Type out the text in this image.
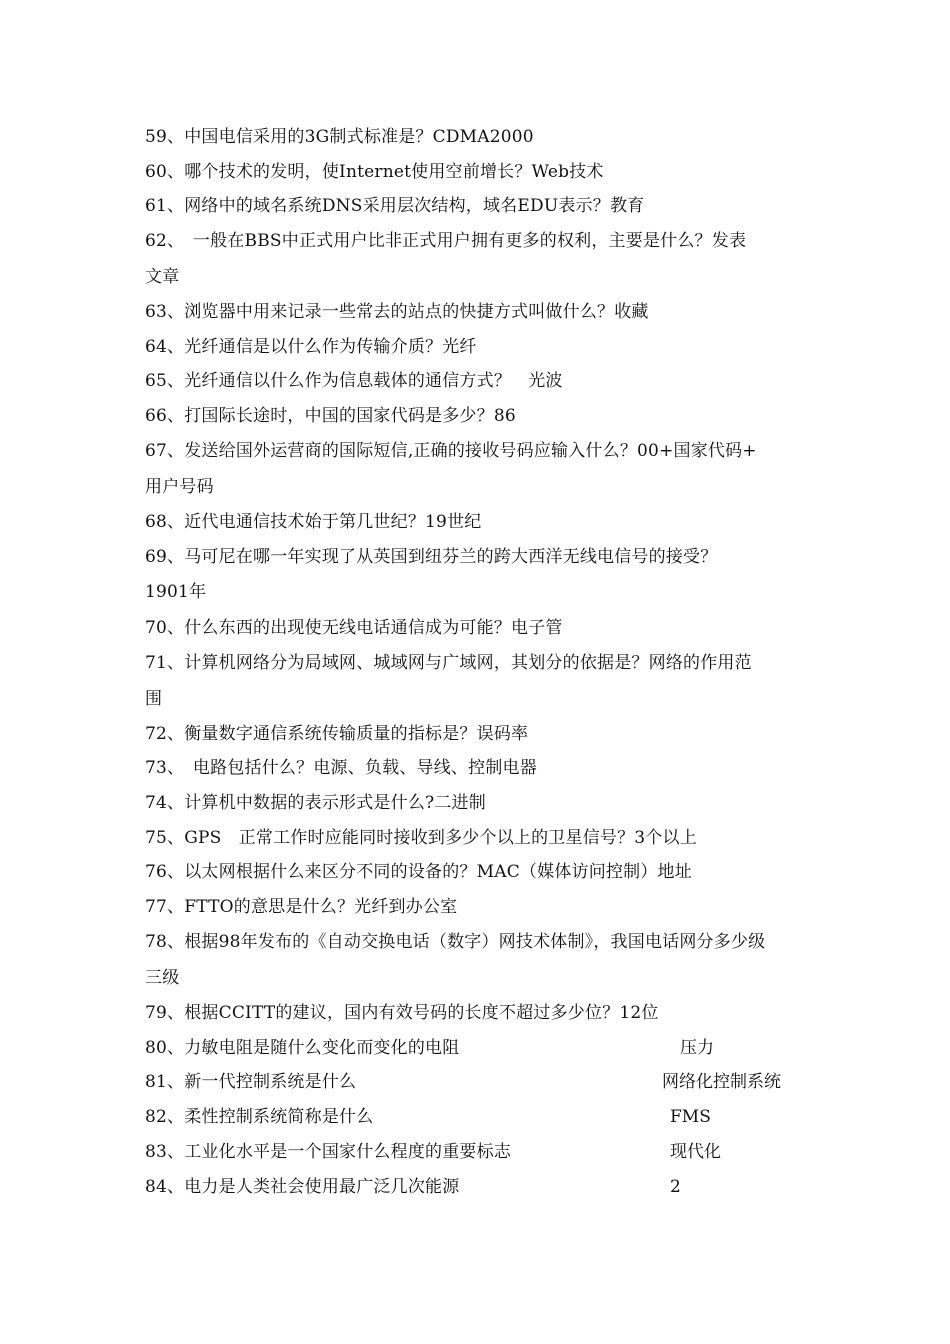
59、中国电信采用的3G制式标准是？CDMA2000
60、哪个技术的发明，使Internet使用空前增长？Web技术
61、网络中的域名系统DNS采用层次结构，域名EDU表示？教育
62、　一般在BBS中正式用户比非正式用户拥有更多的权利，主要是什么？发表
文章
63、浏览器中用来记录一些常去的站点的快捷方式叫做什么？收藏
64、光纤通信是以什么作为传输介质？光纤
65、光纤通信以什么作为信息载体的通信方式？　光波
66、打国际长途时，中国的国家代码是多少？86
67、发送给国外运营商的国际短信,正确的接收号码应输入什么？00+国家代码+
用户号码
68、近代电通信技术始于第几世纪？19世纪
69、马可尼在哪一年实现了从英国到纽芬兰的跨大西洋无线电信号的接受？
1901年
70、什么东西的出现使无线电话通信成为可能？电子管
71、计算机网络分为局域网、城域网与广域网，其划分的依据是？网络的作用范
围
72、衡量数字通信系统传输质量的指标是？误码率
73、　电路包括什么？电源、负载、导线、控制电器
74、计算机中数据的表示形式是什么?二进制
75、GPS　正常工作时应能同时接收到多少个以上的卫星信号？3个以上
76、以太网根据什么来区分不同的设备的？MAC（媒体访问控制）地址
77、FTTO的意思是什么？光纤到办公室
78、根据98年发布的《自动交换电话（数字）网技术体制》，我国电话网分多少级
三级
79、根据CCITT的建议，国内有效号码的长度不超过多少位？12位
80、力敏电阻是随什么变化而变化的电阻	压力
81、新一代控制系统是什么	网络化控制系统
82、柔性控制系统简称是什么	FMS
83、工业化水平是一个国家什么程度的重要标志	现代化
84、电力是人类社会使用最广泛几次能源	2
